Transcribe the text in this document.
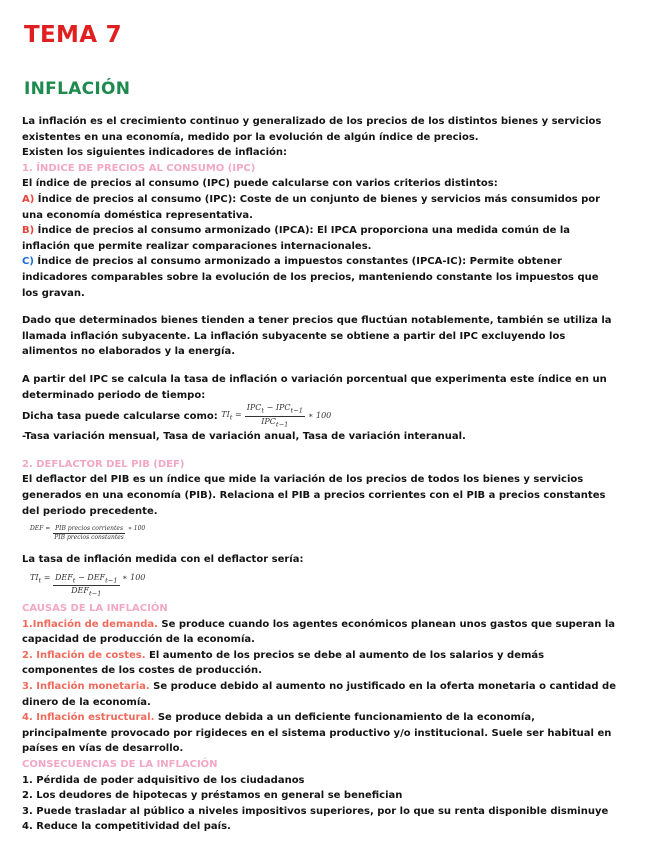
TEMA 7
INFLACIÓN

La inflación es el crecimiento continuo y generalizado de los precios de los distintos bienes y servicios existentes en una economía, medido por la evolución de algún índice de precios.

Existen los siguientes indicadores de inflación:

1. ÍNDICE DE PRECIOS AL CONSUMO (IPC)

El índice de precios al consumo (IPC) puede calcularse con varios criterios distintos:

A) Índice de precios al consumo (IPC): Coste de un conjunto de bienes y servicios más consumidos por una economía doméstica representativa.

B) Índice de precios al consumo armonizado (IPCA): El IPCA proporciona una medida común de la inflación que permite realizar comparaciones internacionales.

C) Índice de precios al consumo armonizado a impuestos constantes (IPCA-IC): Permite obtener indicadores comparables sobre la evolución de los precios, manteniendo constante los impuestos que los gravan.

Dado que determinados bienes tienden a tener precios que fluctúan notablemente, también se utiliza la llamada inflación subyacente. La inflación subyacente se obtiene a partir del IPC excluyendo los alimentos no elaborados y la energía.

A partir del IPC se calcula la tasa de inflación o variación porcentual que experimenta este índice en un determinado periodo de tiempo:

Dicha tasa puede calcularse como: $TI_t = \frac{IPC_t - IPC_{t-1}}{IPC_{t-1}}$ ∗ 100

-Tasa variación mensual, Tasa de variación anual, Tasa de variación interanual.

2. DEFLACTOR DEL PIB (DEF)

El deflactor del PIB es un índice que mide la variación de los precios de todos los bienes y servicios generados en una economía (PIB). Relaciona el PIB a precios corrientes con el PIB a precios constantes del periodo precedente.

DEF = $\frac{\text{PIB precios corrientes}}{\text{PIB precios constantes}}$ ∗ 100

La tasa de inflación medida con el deflactor sería:

$TI_t = \frac{DEF_t - DEF_{t-1}}{DEF_{t-1}}$ ∗ 100

CAUSAS DE LA INFLACIÓN

1.Inflación de demanda. Se produce cuando los agentes económicos planean unos gastos que superan la capacidad de producción de la economía.

2. Inflación de costes. El aumento de los precios se debe al aumento de los salarios y demás componentes de los costes de producción.

3. Inflación monetaria. Se produce debido al aumento no justificado en la oferta monetaria o cantidad de dinero de la economía.

4. Inflación estructural. Se produce debida a un deficiente funcionamiento de la economía, principalmente provocado por rigideces en el sistema productivo y/o institucional. Suele ser habitual en países en vías de desarrollo.

CONSECUENCIAS DE LA INFLACIÓN

1. Pérdida de poder adquisitivo de los ciudadanos

2. Los deudores de hipotecas y préstamos en general se benefician

3. Puede trasladar al público a niveles impositivos superiores, por lo que su renta disponible disminuye

4. Reduce la competitividad del país.
